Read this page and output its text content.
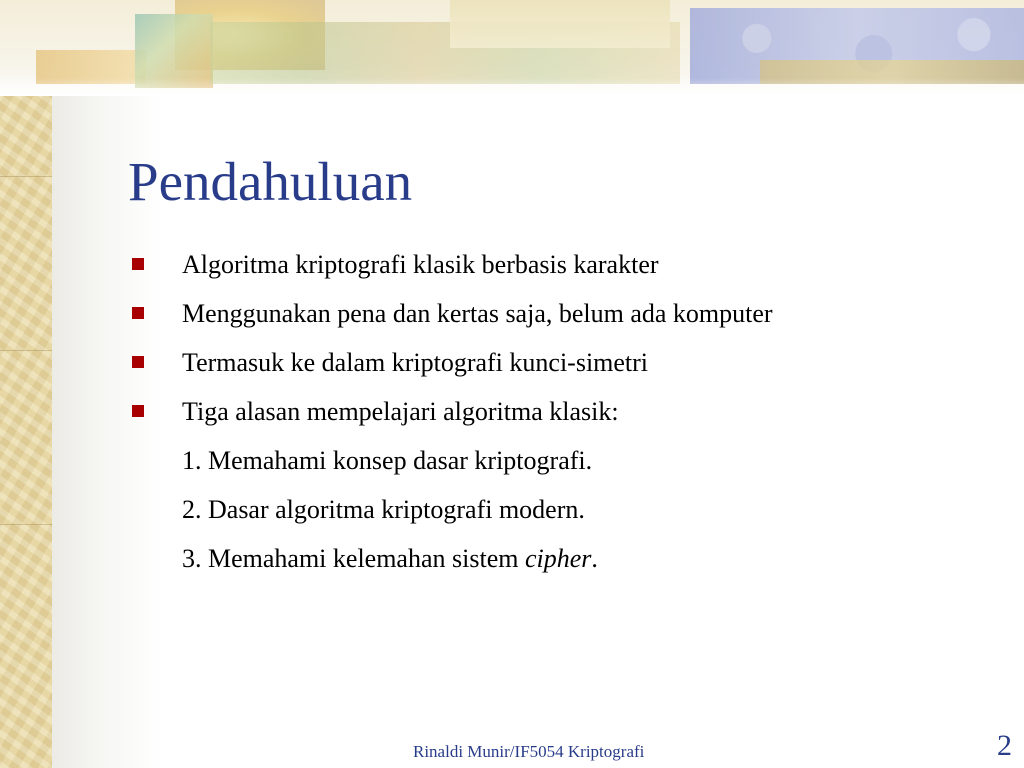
Pendahuluan
Algoritma kriptografi klasik berbasis karakter
Menggunakan pena dan kertas saja, belum ada komputer
Termasuk ke dalam kriptografi kunci-simetri
Tiga alasan mempelajari algoritma klasik:
1. Memahami konsep dasar kriptografi.
2. Dasar algoritma kriptografi modern.
3. Memahami kelemahan sistem cipher.
Rinaldi Munir/IF5054 Kriptografi	2
